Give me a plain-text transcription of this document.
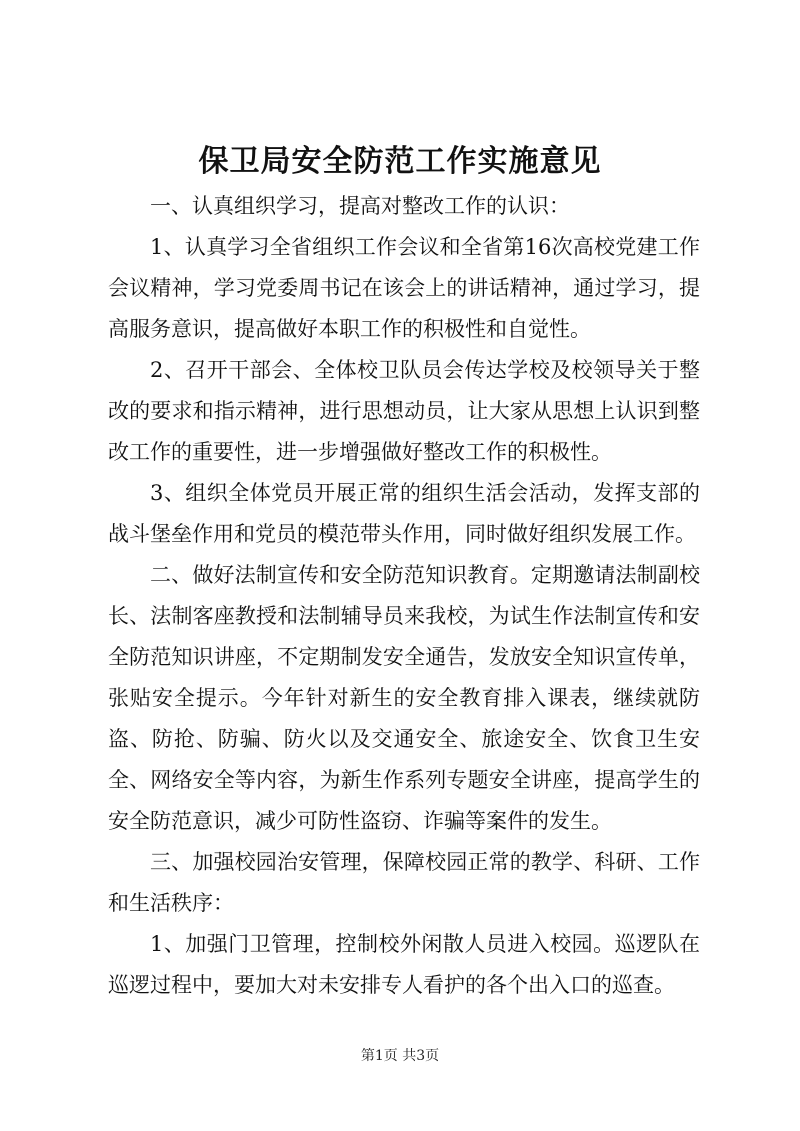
保卫局安全防范工作实施意见

一、认真组织学习，提高对整改工作的认识：

1、认真学习全省组织工作会议和全省第16次高校党建工作会议精神，学习党委周书记在该会上的讲话精神，通过学习，提高服务意识，提高做好本职工作的积极性和自觉性。

2、召开干部会、全体校卫队员会传达学校及校领导关于整改的要求和指示精神，进行思想动员，让大家从思想上认识到整改工作的重要性，进一步增强做好整改工作的积极性。

3、组织全体党员开展正常的组织生活会活动，发挥支部的战斗堡垒作用和党员的模范带头作用，同时做好组织发展工作。

二、做好法制宣传和安全防范知识教育。定期邀请法制副校长、法制客座教授和法制辅导员来我校，为试生作法制宣传和安全防范知识讲座，不定期制发安全通告，发放安全知识宣传单，张贴安全提示。今年针对新生的安全教育排入课表，继续就防盗、防抢、防骗、防火以及交通安全、旅途安全、饮食卫生安全、网络安全等内容，为新生作系列专题安全讲座，提高学生的安全防范意识，减少可防性盗窃、诈骗等案件的发生。

三、加强校园治安管理，保障校园正常的教学、科研、工作和生活秩序：

1、加强门卫管理，控制校外闲散人员进入校园。巡逻队在巡逻过程中，要加大对未安排专人看护的各个出入口的巡查。

第1页 共3页
